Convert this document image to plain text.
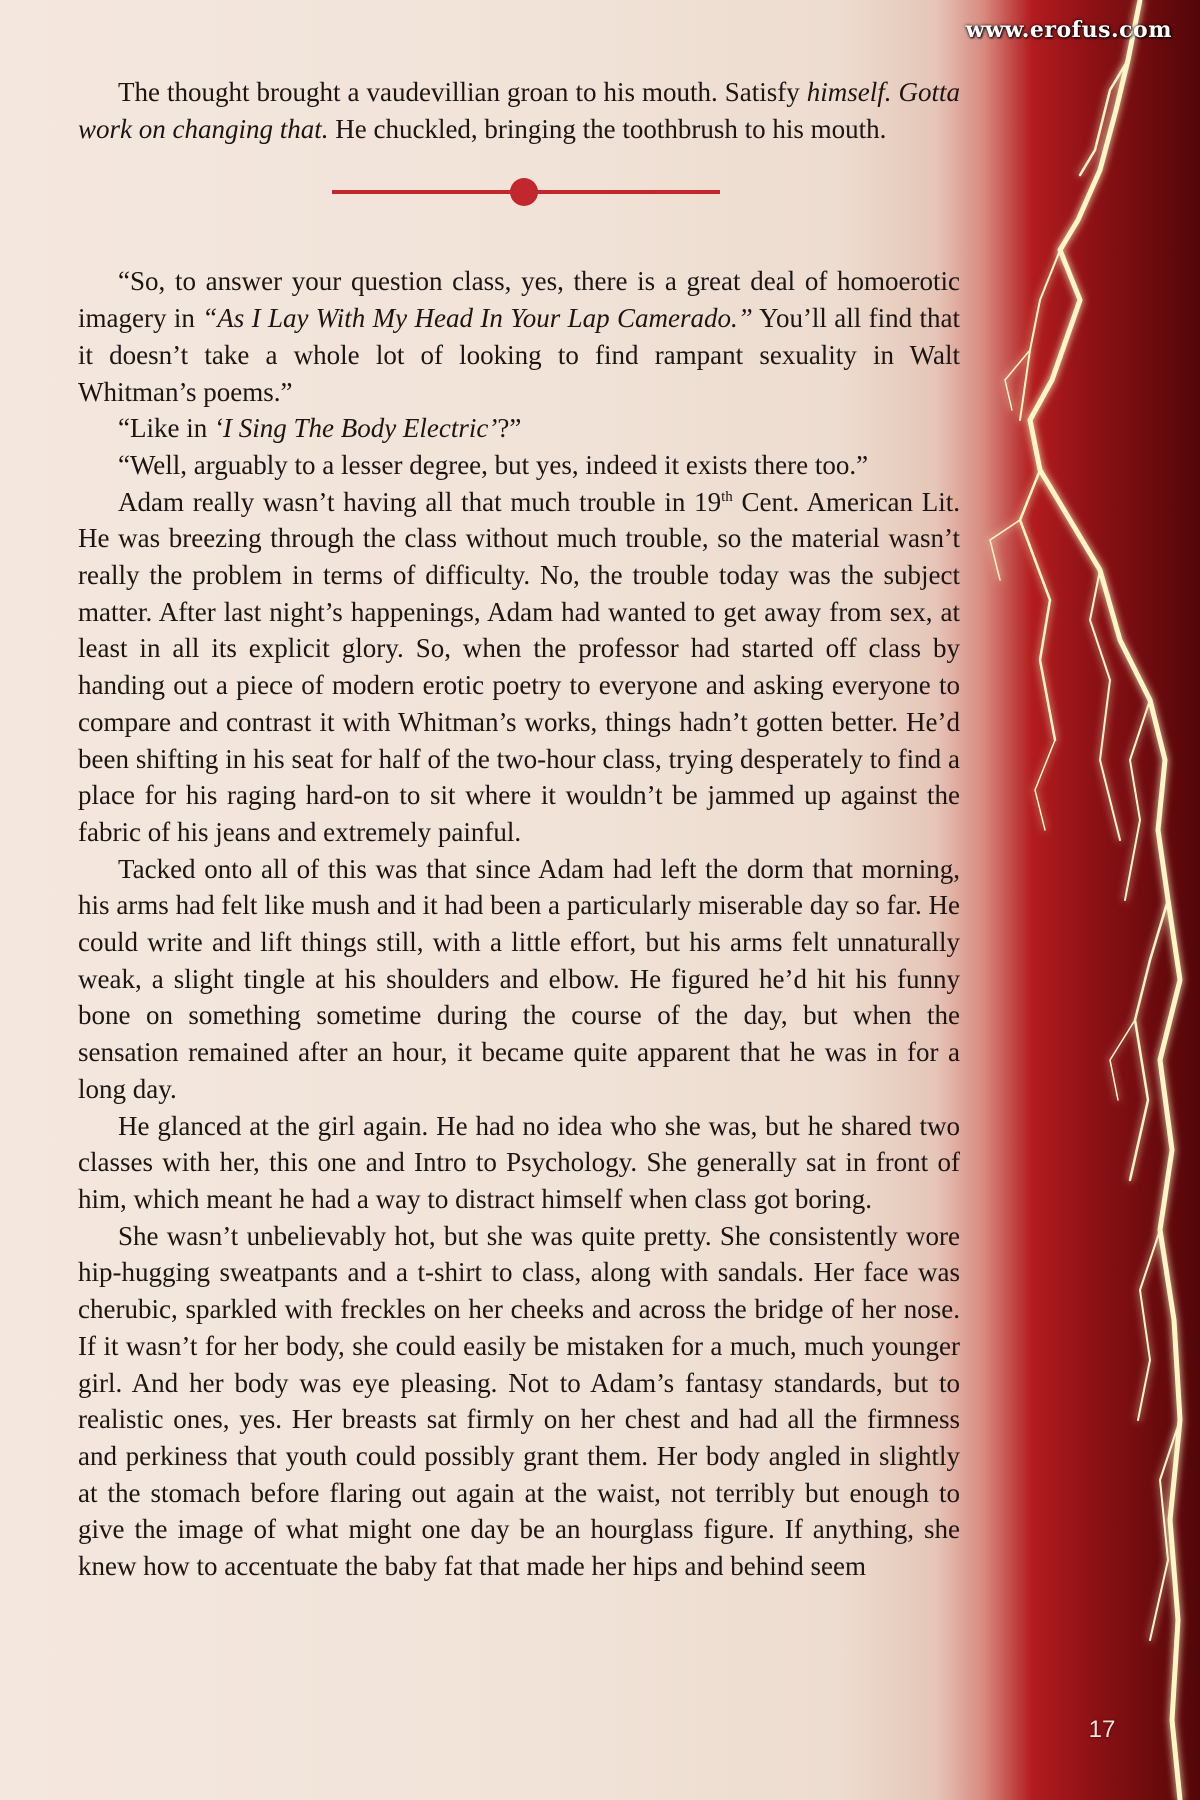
www.erofus.com

The thought brought a vaudevillian groan to his mouth. Satisfy himself. Gotta work on changing that. He chuckled, bringing the toothbrush to his mouth.

“So, to answer your question class, yes, there is a great deal of homoerotic imagery in “As I Lay With My Head In Your Lap Camerado.” You’ll all find that it doesn’t take a whole lot of looking to find rampant sexuality in Walt Whitman’s poems.”

“Like in ‘I Sing The Body Electric’?”

“Well, arguably to a lesser degree, but yes, indeed it exists there too.”

Adam really wasn’t having all that much trouble in 19th Cent. American Lit. He was breezing through the class without much trouble, so the material wasn’t really the problem in terms of difficulty. No, the trouble today was the subject matter. After last night’s happenings, Adam had wanted to get away from sex, at least in all its explicit glory. So, when the professor had started off class by handing out a piece of modern erotic poetry to everyone and asking everyone to compare and contrast it with Whitman’s works, things hadn’t gotten better. He’d been shifting in his seat for half of the two-hour class, trying desperately to find a place for his raging hard-on to sit where it wouldn’t be jammed up against the fabric of his jeans and extremely painful.

Tacked onto all of this was that since Adam had left the dorm that morning, his arms had felt like mush and it had been a particularly miserable day so far. He could write and lift things still, with a little effort, but his arms felt unnaturally weak, a slight tingle at his shoulders and elbow. He figured he’d hit his funny bone on something sometime during the course of the day, but when the sensation remained after an hour, it became quite apparent that he was in for a long day.

He glanced at the girl again. He had no idea who she was, but he shared two classes with her, this one and Intro to Psychology. She generally sat in front of him, which meant he had a way to distract himself when class got boring.

She wasn’t unbelievably hot, but she was quite pretty. She consistently wore hip-hugging sweatpants and a t-shirt to class, along with sandals. Her face was cherubic, sparkled with freckles on her cheeks and across the bridge of her nose. If it wasn’t for her body, she could easily be mistaken for a much, much younger girl. And her body was eye pleasing. Not to Adam’s fantasy standards, but to realistic ones, yes. Her breasts sat firmly on her chest and had all the firmness and perkiness that youth could possibly grant them. Her body angled in slightly at the stomach before flaring out again at the waist, not terribly but enough to give the image of what might one day be an hourglass figure. If anything, she knew how to accentuate the baby fat that made her hips and behind seem

17
